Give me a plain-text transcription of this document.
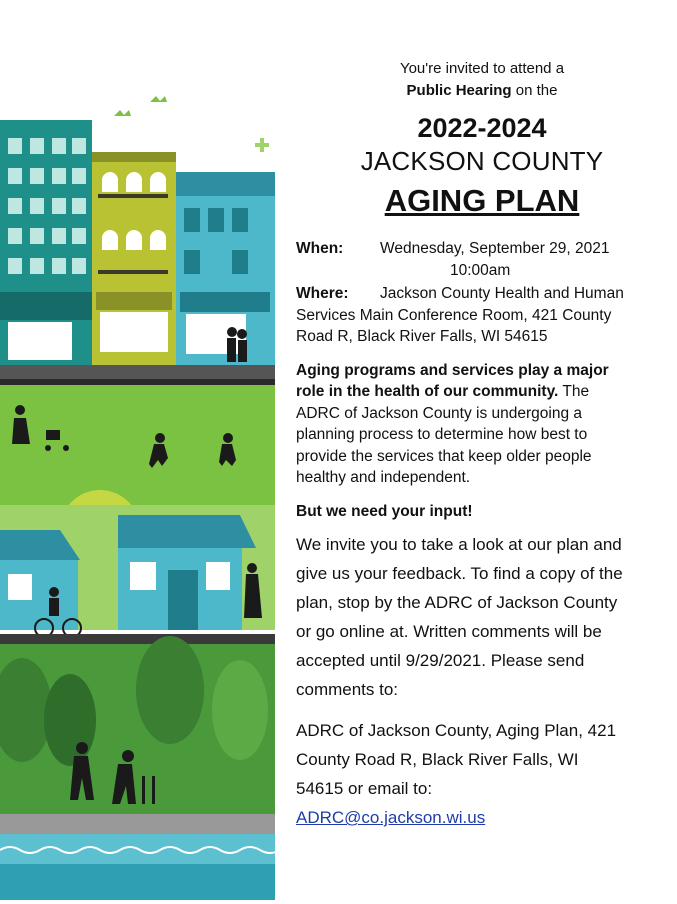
You're invited to attend a
Public Hearing on the
2022-2024
JACKSON COUNTY
AGING PLAN
When:	Wednesday, September 29, 2021
10:00am
Where:	Jackson County Health and Human
Services Main Conference Room, 421 County
Road R, Black River Falls, WI 54615
Aging programs and services play a major
role in the health of our community. The
ADRC of Jackson County is undergoing a
planning process to determine how best to
provide the services that keep older people
healthy and independent.
But we need your input!
We invite you to take a look at our plan and
give us your feedback. To find a copy of the
plan, stop by the ADRC of Jackson County
or go online at. Written comments will be
accepted until 9/29/2021. Please send
comments to:
ADRC of Jackson County, Aging Plan, 421
County Road R, Black River Falls, WI
54615 or email to:
ADRC@co.jackson.wi.us
